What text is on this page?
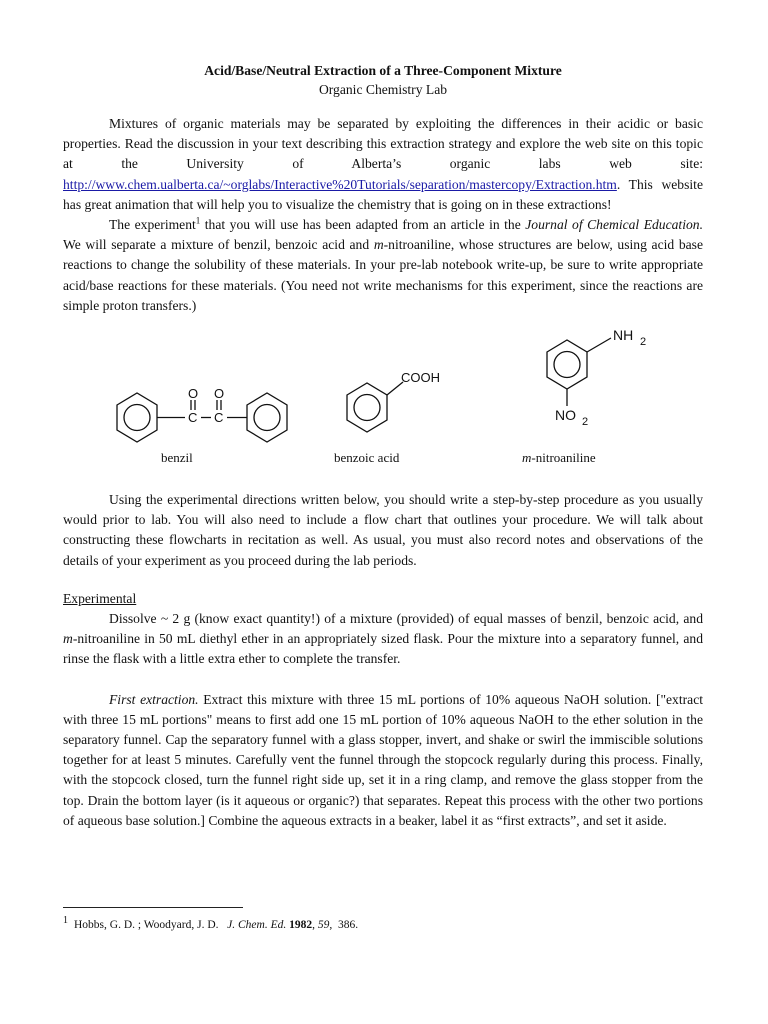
Acid/Base/Neutral Extraction of a Three-Component Mixture
Organic Chemistry Lab

Mixtures of organic materials may be separated by exploiting the differences in their acidic or basic properties. Read the discussion in your text describing this extraction strategy and explore the web site on this topic at the University of Alberta’s organic labs web site: http://www.chem.ualberta.ca/~orglabs/Interactive%20Tutorials/separation/mastercopy/Extraction.htm. This website has great animation that will help you to visualize the chemistry that is going on in these extractions!

The experiment$^1$ that you will use has been adapted from an article in the Journal of Chemical Education. We will separate a mixture of benzil, benzoic acid and m-nitroaniline, whose structures are below, using acid base reactions to change the solubility of these materials. In your pre-lab notebook write-up, be sure to write appropriate acid/base reactions for these materials. (You need not write mechanisms for this experiment, since the reactions are simple proton transfers.)

O O
C C
COOH
NH 2
NO 2
benzil	benzoic acid	m-nitroaniline

Using the experimental directions written below, you should write a step-by-step procedure as you usually would prior to lab. You will also need to include a flow chart that outlines your procedure. We will talk about constructing these flowcharts in recitation as well. As usual, you must also record notes and observations of the details of your experiment as you proceed during the lab periods.

Experimental

Dissolve ~ 2 g (know exact quantity!) of a mixture (provided) of equal masses of benzil, benzoic acid, and m-nitroaniline in 50 mL diethyl ether in an appropriately sized flask. Pour the mixture into a separatory funnel, and rinse the flask with a little extra ether to complete the transfer.

First extraction. Extract this mixture with three 15 mL portions of 10% aqueous NaOH solution. ["extract with three 15 mL portions" means to first add one 15 mL portion of 10% aqueous NaOH to the ether solution in the separatory funnel. Cap the separatory funnel with a glass stopper, invert, and shake or swirl the immiscible solutions together for at least 5 minutes. Carefully vent the funnel through the stopcock regularly during this process. Finally, with the stopcock closed, turn the funnel right side up, set it in a ring clamp, and remove the glass stopper from the top. Drain the bottom layer (is it aqueous or organic?) that separates. Repeat this process with the other two portions of aqueous base solution.] Combine the aqueous extracts in a beaker, label it as “first extracts”, and set it aside.

1 Hobbs, G. D. ; Woodyard, J. D. J. Chem. Ed. 1982, 59, 386.
